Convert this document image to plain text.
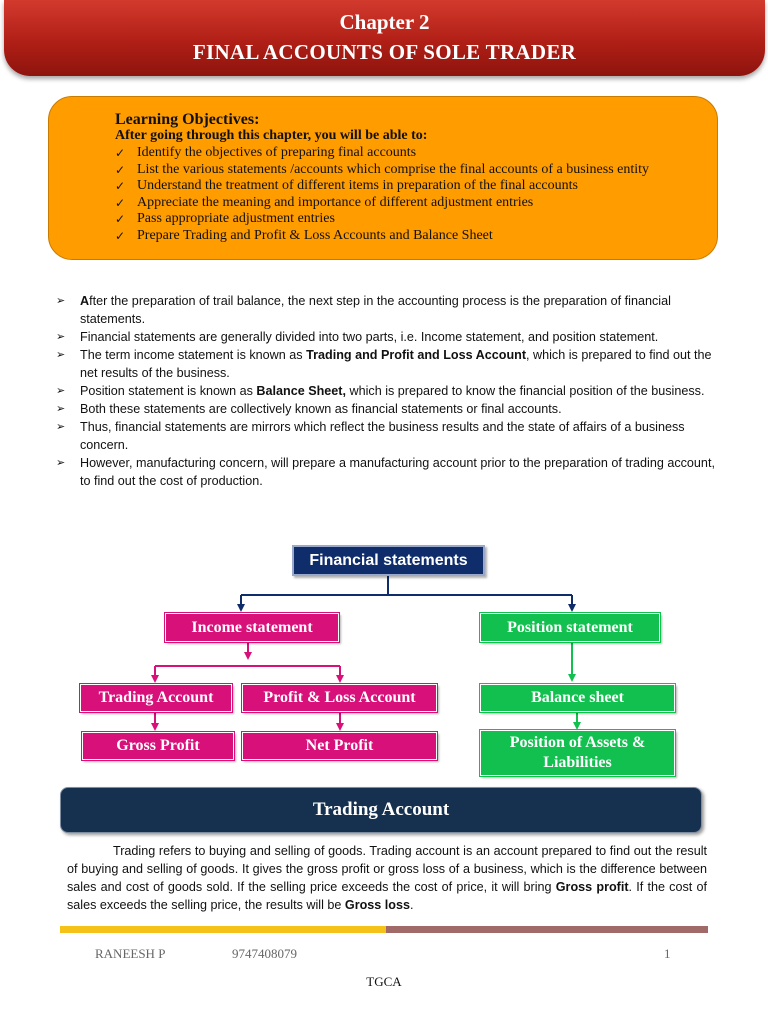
Chapter 2
FINAL ACCOUNTS OF SOLE TRADER
Learning Objectives:
After going through this chapter, you will be able to:
✓ Identify the objectives of preparing final accounts
✓ List the various statements /accounts which comprise the final accounts of a business entity
✓ Understand the treatment of different items in preparation of the final accounts
✓ Appreciate the meaning and importance of different adjustment entries
✓ Pass appropriate adjustment entries
✓ Prepare Trading and Profit & Loss Accounts and Balance Sheet
➢ After the preparation of trail balance, the next step in the accounting process is the preparation of financial statements.
➢ Financial statements are generally divided into two parts, i.e. Income statement, and position statement.
➢ The term income statement is known as Trading and Profit and Loss Account, which is prepared to find out the net results of the business.
➢ Position statement is known as Balance Sheet, which is prepared to know the financial position of the business.
➢ Both these statements are collectively known as financial statements or final accounts.
➢ Thus, financial statements are mirrors which reflect the business results and the state of affairs of a business concern.
➢ However, manufacturing concern, will prepare a manufacturing account prior to the preparation of trading account, to find out the cost of production.
Financial statements
Income statement	Position statement
Trading Account	Profit & Loss Account	Balance sheet
Gross Profit	Net Profit	Position of Assets & Liabilities
Trading Account
Trading refers to buying and selling of goods. Trading account is an account prepared to find out the result of buying and selling of goods. It gives the gross profit or gross loss of a business, which is the difference between sales and cost of goods sold. If the selling price exceeds the cost of price, it will bring Gross profit. If the cost of sales exceeds the selling price, the results will be Gross loss.
RANEESH P	9747408079	1
TGCA
